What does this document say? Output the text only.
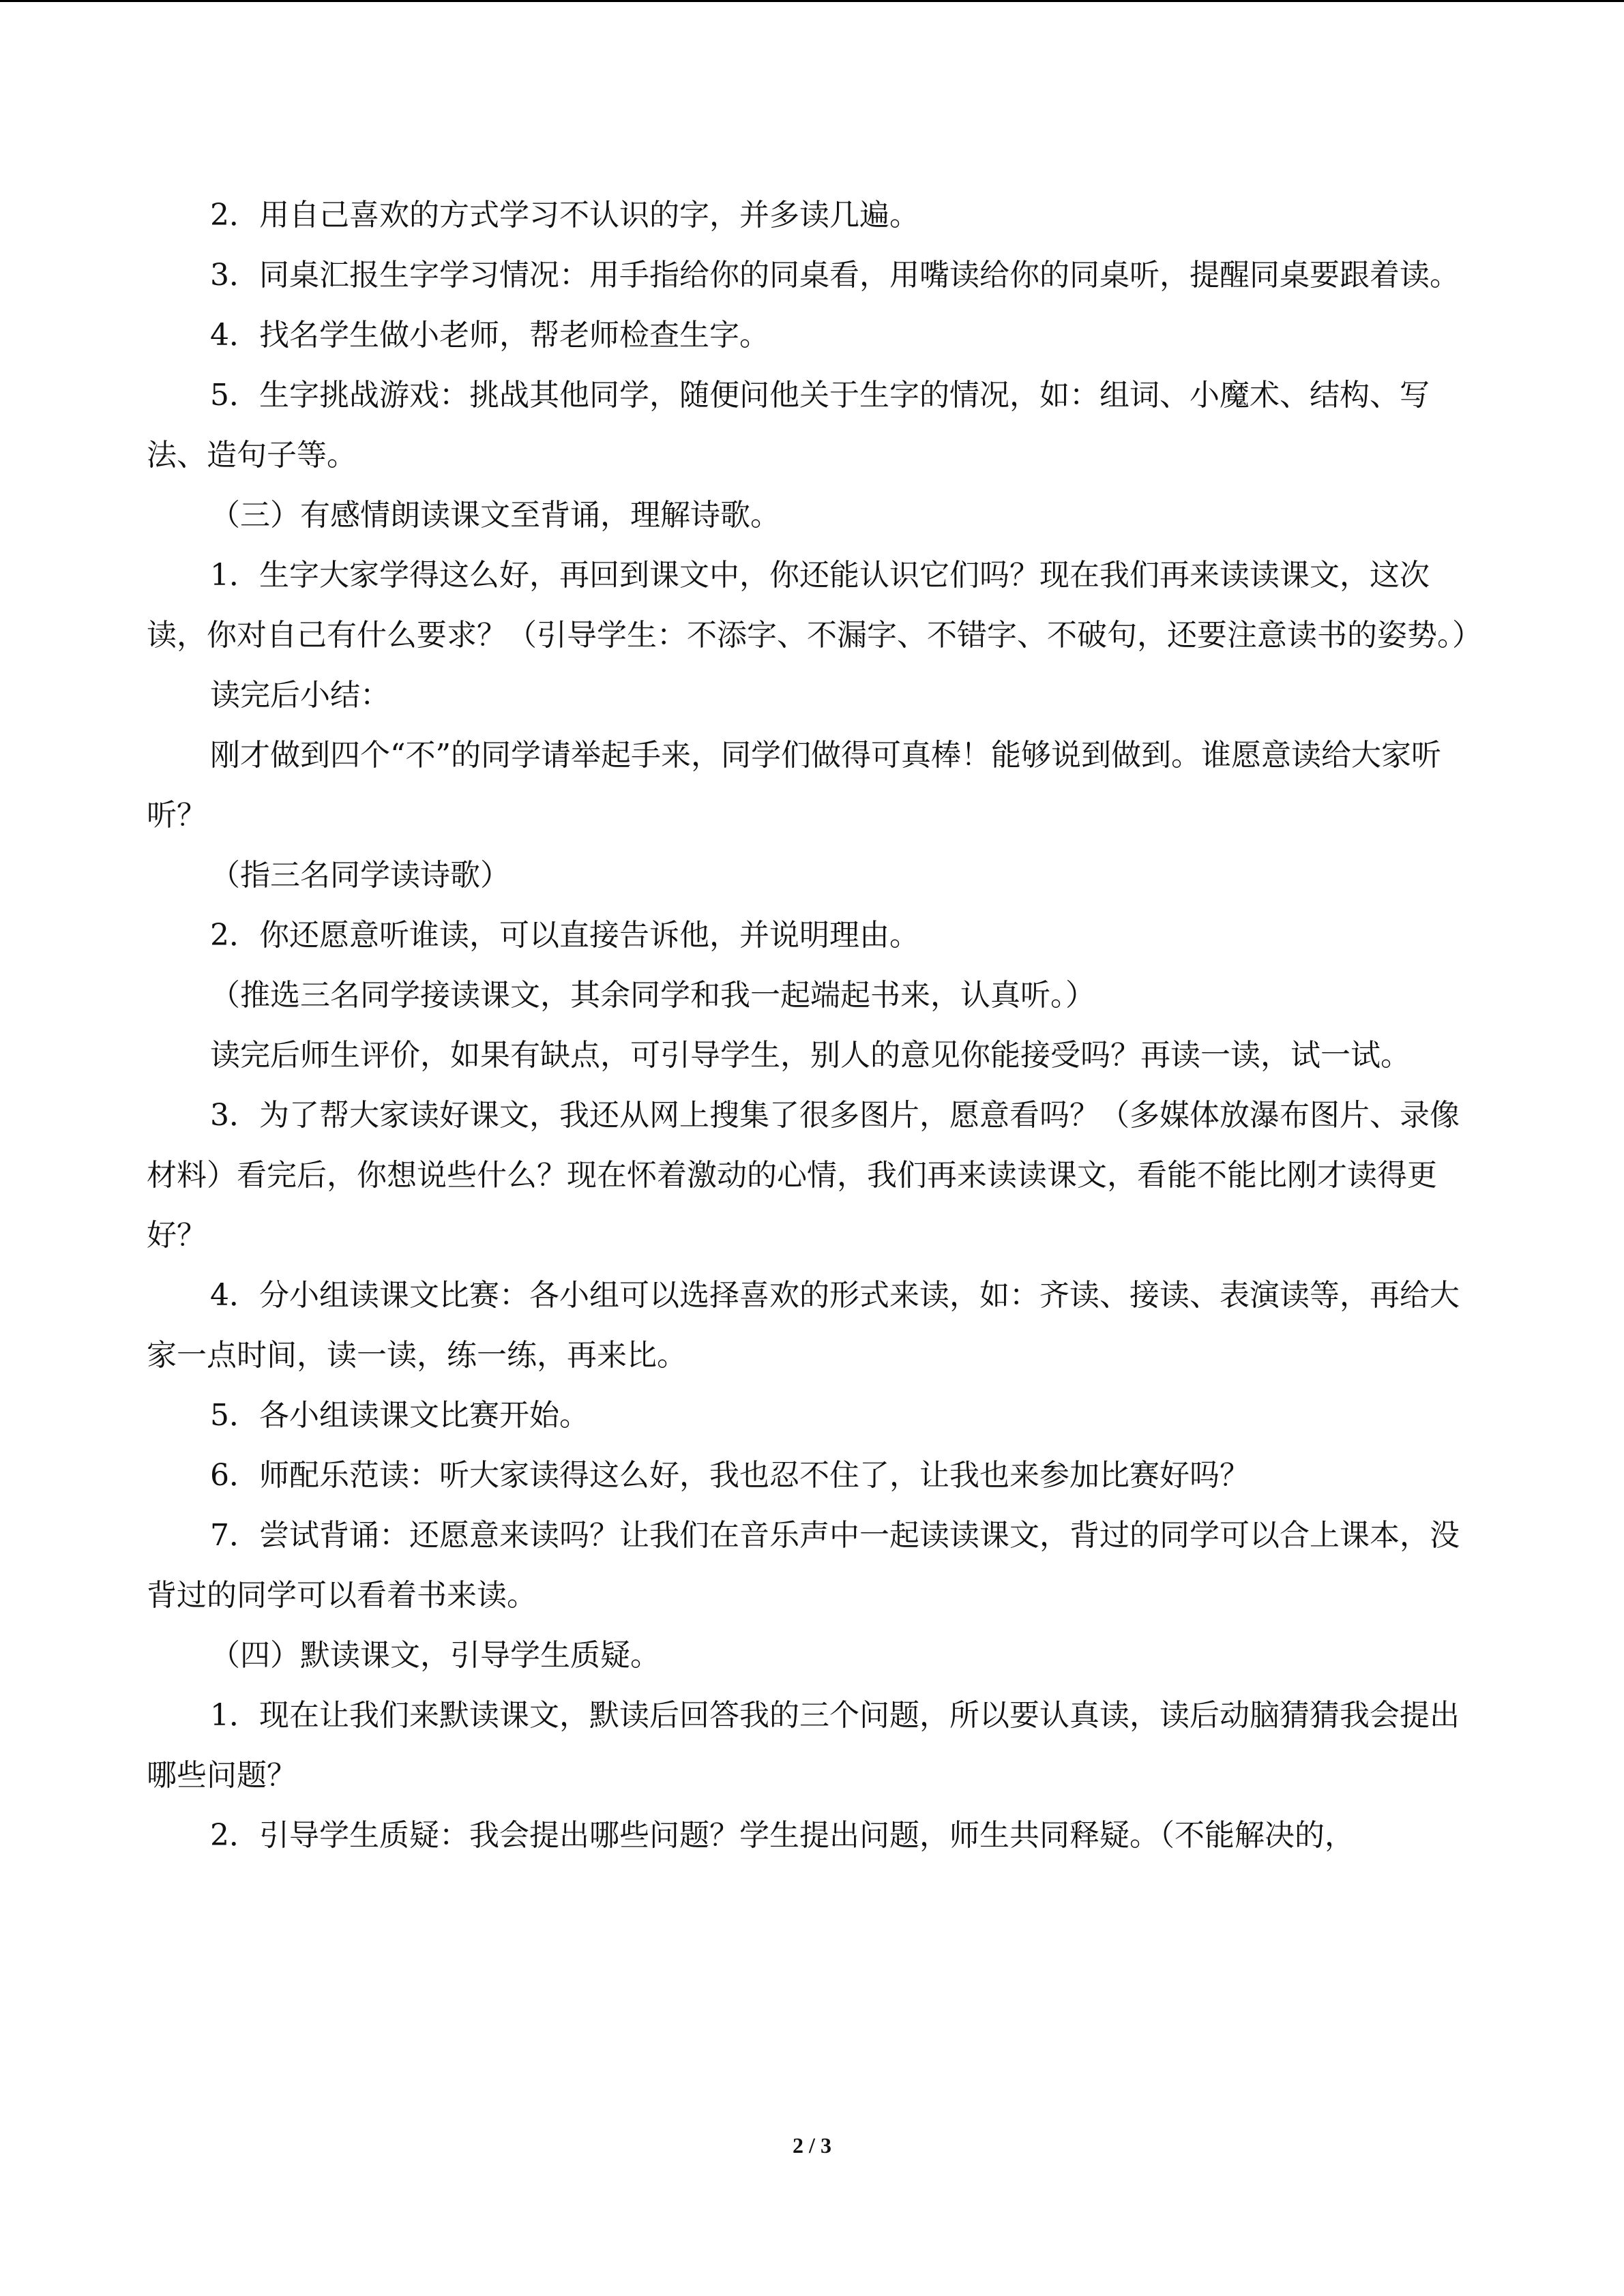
2．用自己喜欢的方式学习不认识的字，并多读几遍。

3．同桌汇报生字学习情况：用手指给你的同桌看，用嘴读给你的同桌听，提醒同桌要跟着读。

4．找名学生做小老师，帮老师检查生字。

5．生字挑战游戏：挑战其他同学，随便问他关于生字的情况，如：组词、小魔术、结构、写法、造句子等。

（三）有感情朗读课文至背诵，理解诗歌。

1．生字大家学得这么好，再回到课文中，你还能认识它们吗？现在我们再来读读课文，这次读，你对自己有什么要求？（引导学生：不添字、不漏字、不错字、不破句，还要注意读书的姿势。）

读完后小结：

刚才做到四个“不”的同学请举起手来，同学们做得可真棒！能够说到做到。谁愿意读给大家听听？

（指三名同学读诗歌）

2．你还愿意听谁读，可以直接告诉他，并说明理由。

（推选三名同学接读课文，其余同学和我一起端起书来，认真听。）

读完后师生评价，如果有缺点，可引导学生，别人的意见你能接受吗？再读一读，试一试。

3．为了帮大家读好课文，我还从网上搜集了很多图片，愿意看吗？（多媒体放瀑布图片、录像材料）看完后，你想说些什么？现在怀着激动的心情，我们再来读读课文，看能不能比刚才读得更好？

4．分小组读课文比赛：各小组可以选择喜欢的形式来读，如：齐读、接读、表演读等，再给大家一点时间，读一读，练一练，再来比。

5．各小组读课文比赛开始。

6．师配乐范读：听大家读得这么好，我也忍不住了，让我也来参加比赛好吗？

7．尝试背诵：还愿意来读吗？让我们在音乐声中一起读读课文，背过的同学可以合上课本，没背过的同学可以看着书来读。

（四）默读课文，引导学生质疑。

1．现在让我们来默读课文，默读后回答我的三个问题，所以要认真读，读后动脑猜猜我会提出哪些问题？

2．引导学生质疑：我会提出哪些问题？学生提出问题，师生共同释疑。（不能解决的，

2 / 3
